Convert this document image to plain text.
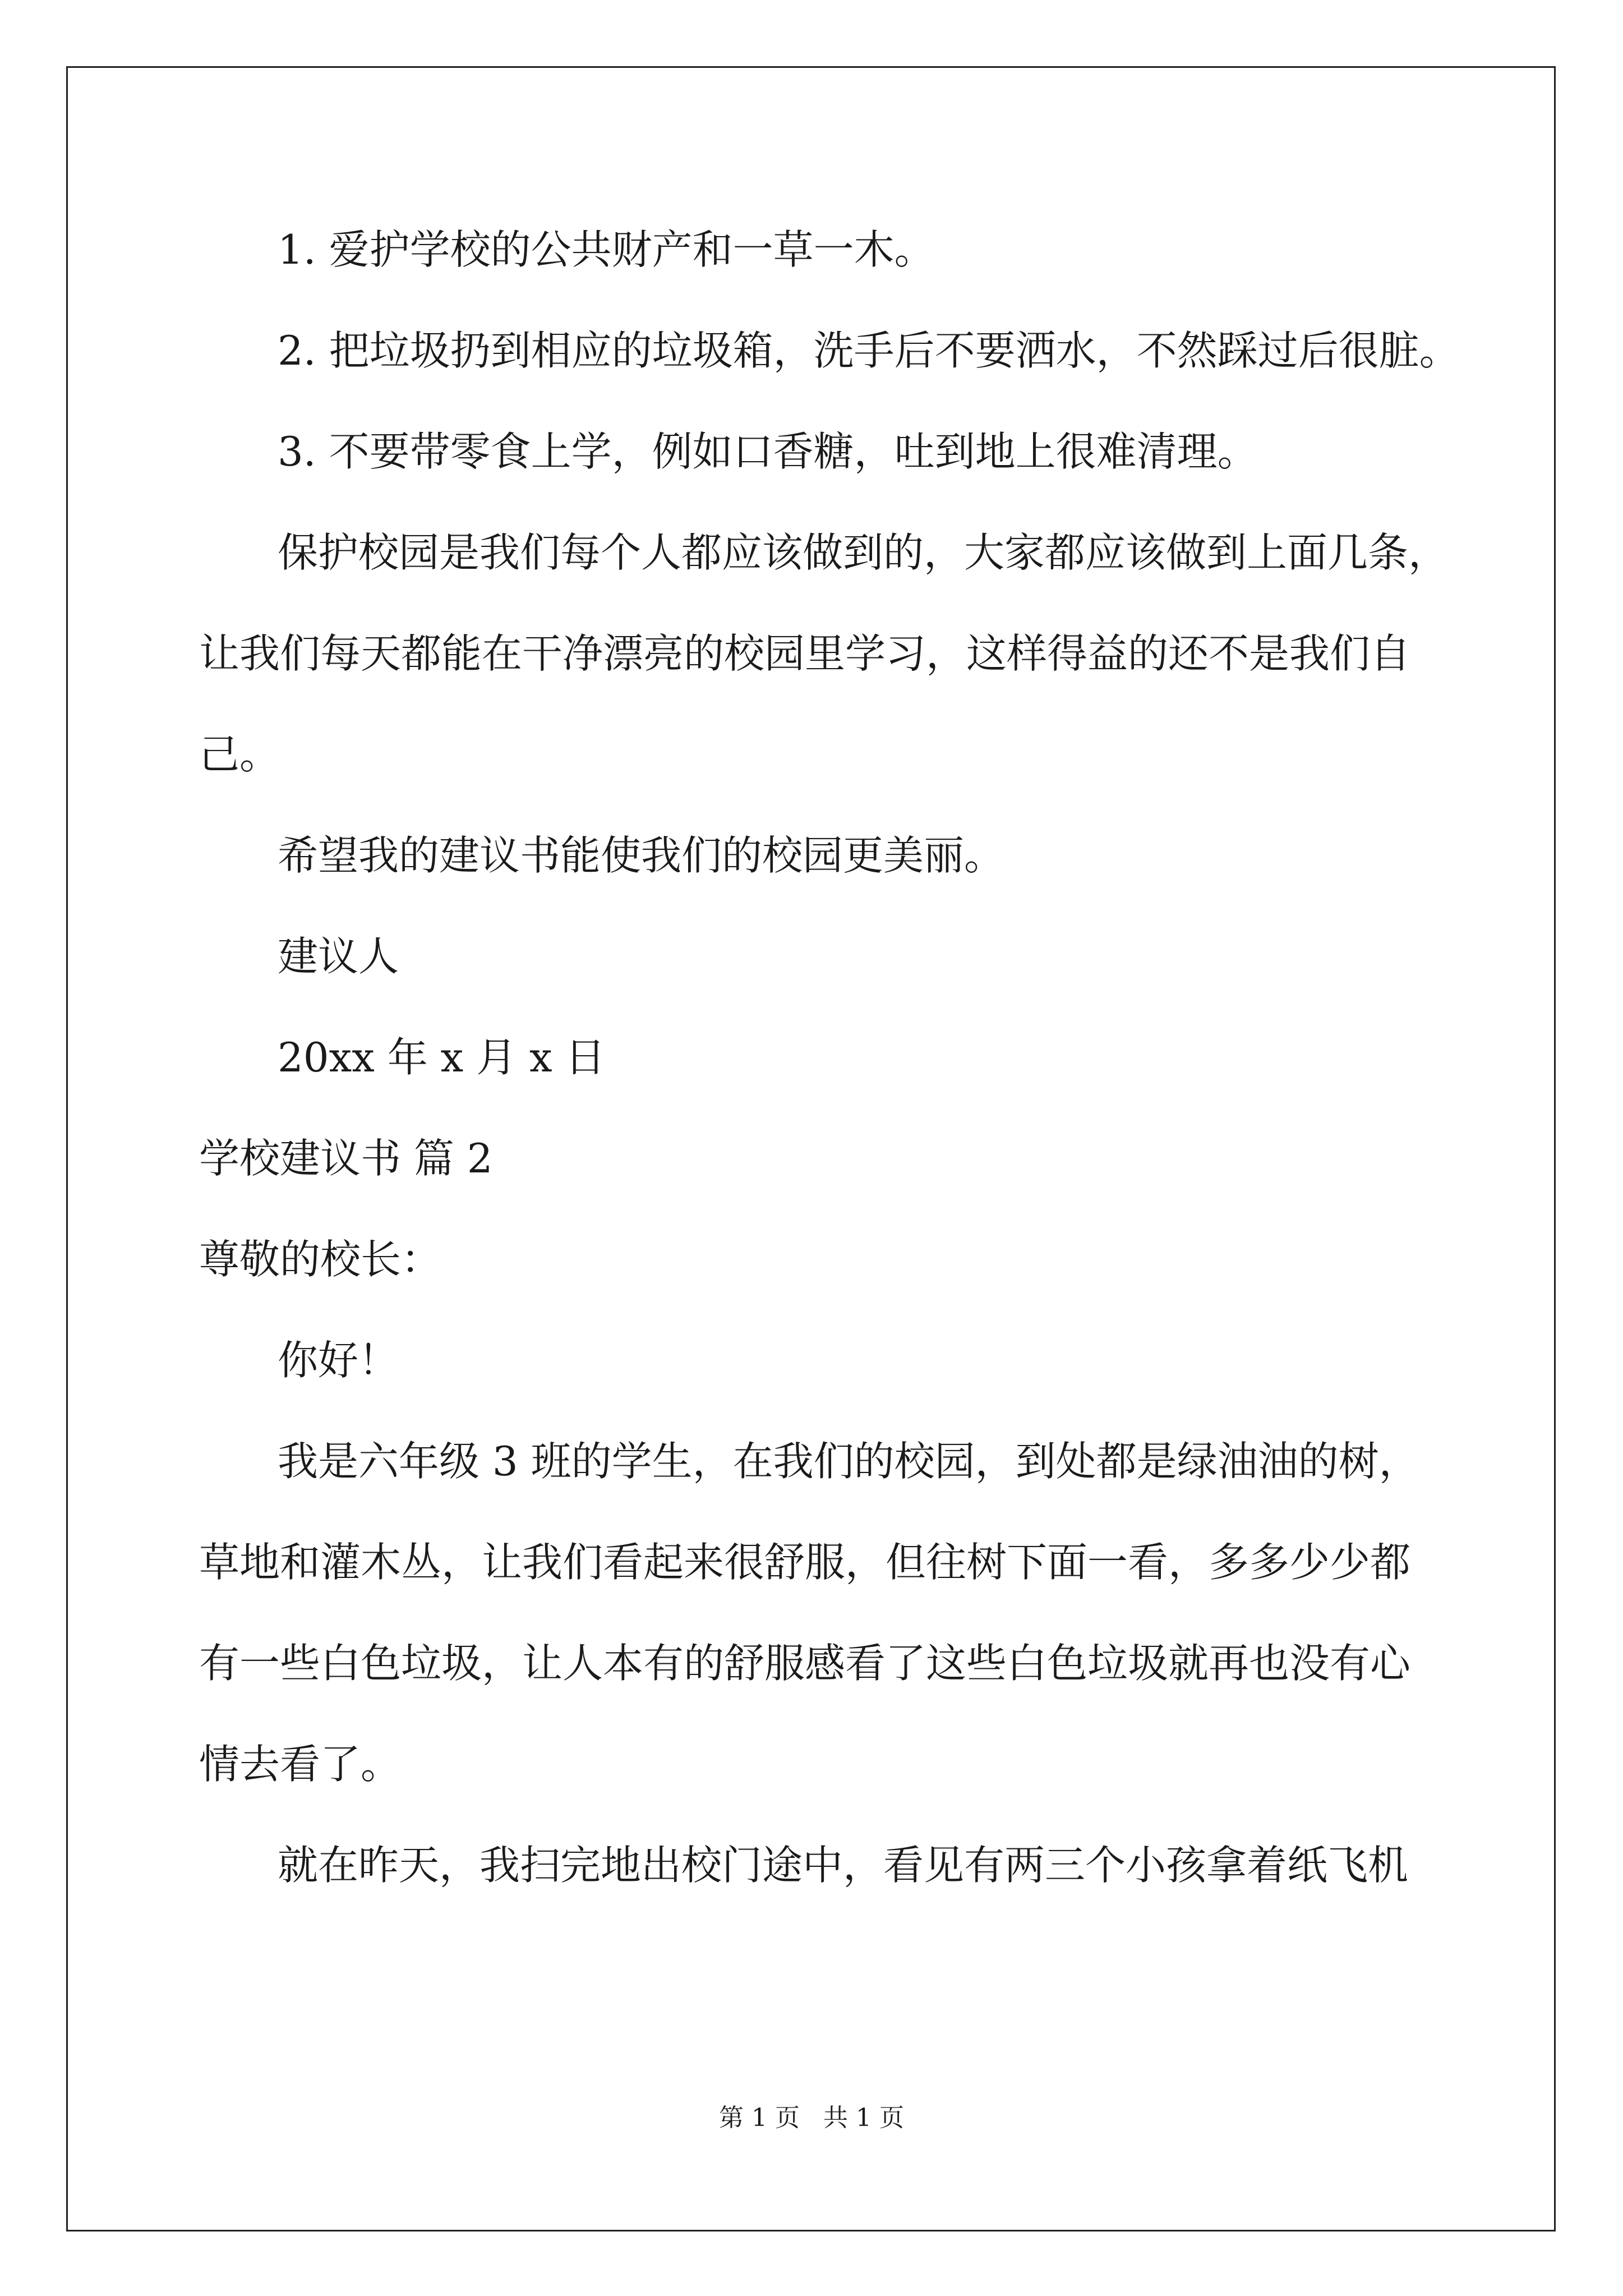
1. 爱护学校的公共财产和一草一木。
2. 把垃圾扔到相应的垃圾箱，洗手后不要洒水，不然踩过后很脏。
3. 不要带零食上学，例如口香糖，吐到地上很难清理。
保护校园是我们每个人都应该做到的，大家都应该做到上面几条，
让我们每天都能在干净漂亮的校园里学习，这样得益的还不是我们自
己。
希望我的建议书能使我们的校园更美丽。
建议人
20xx 年 x 月 x 日
学校建议书 篇 2
尊敬的校长：
你好！
我是六年级 3 班的学生，在我们的校园，到处都是绿油油的树，
草地和灌木丛，让我们看起来很舒服，但往树下面一看，多多少少都
有一些白色垃圾，让人本有的舒服感看了这些白色垃圾就再也没有心
情去看了。
就在昨天，我扫完地出校门途中，看见有两三个小孩拿着纸飞机
第 1 页 共 1 页
